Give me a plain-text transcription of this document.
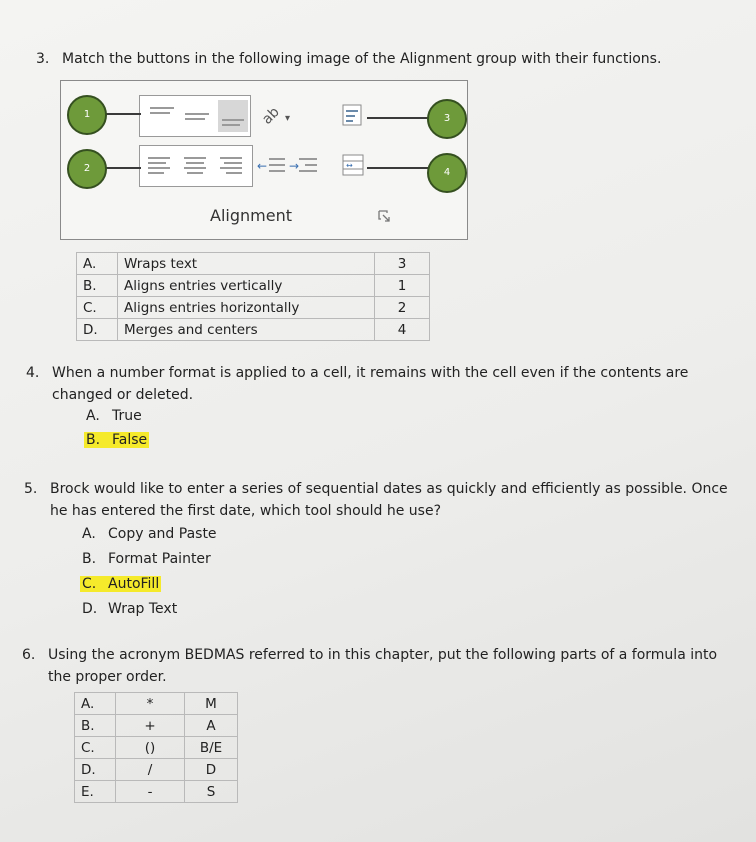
3. Match the buttons in the following image of the Alignment group with their functions.
ab ▾
← →	↔
1
2
3
4
Alignment
A.	Wraps text	3
B.	Aligns entries vertically	1
C.	Aligns entries horizontally	2
D.	Merges and centers	4
4. When a number format is applied to a cell, it remains with the cell even if the contents are
changed or deleted.
A. True
B. False
5. Brock would like to enter a series of sequential dates as quickly and efficiently as possible. Once
he has entered the first date, which tool should he use?
A. Copy and Paste
B. Format Painter
C. AutoFill
D. Wrap Text
6. Using the acronym BEDMAS referred to in this chapter, put the following parts of a formula into
the proper order.
A.	*	M
B.	+	A
C.	()	B/E
D.	/	D
E.	-	S
